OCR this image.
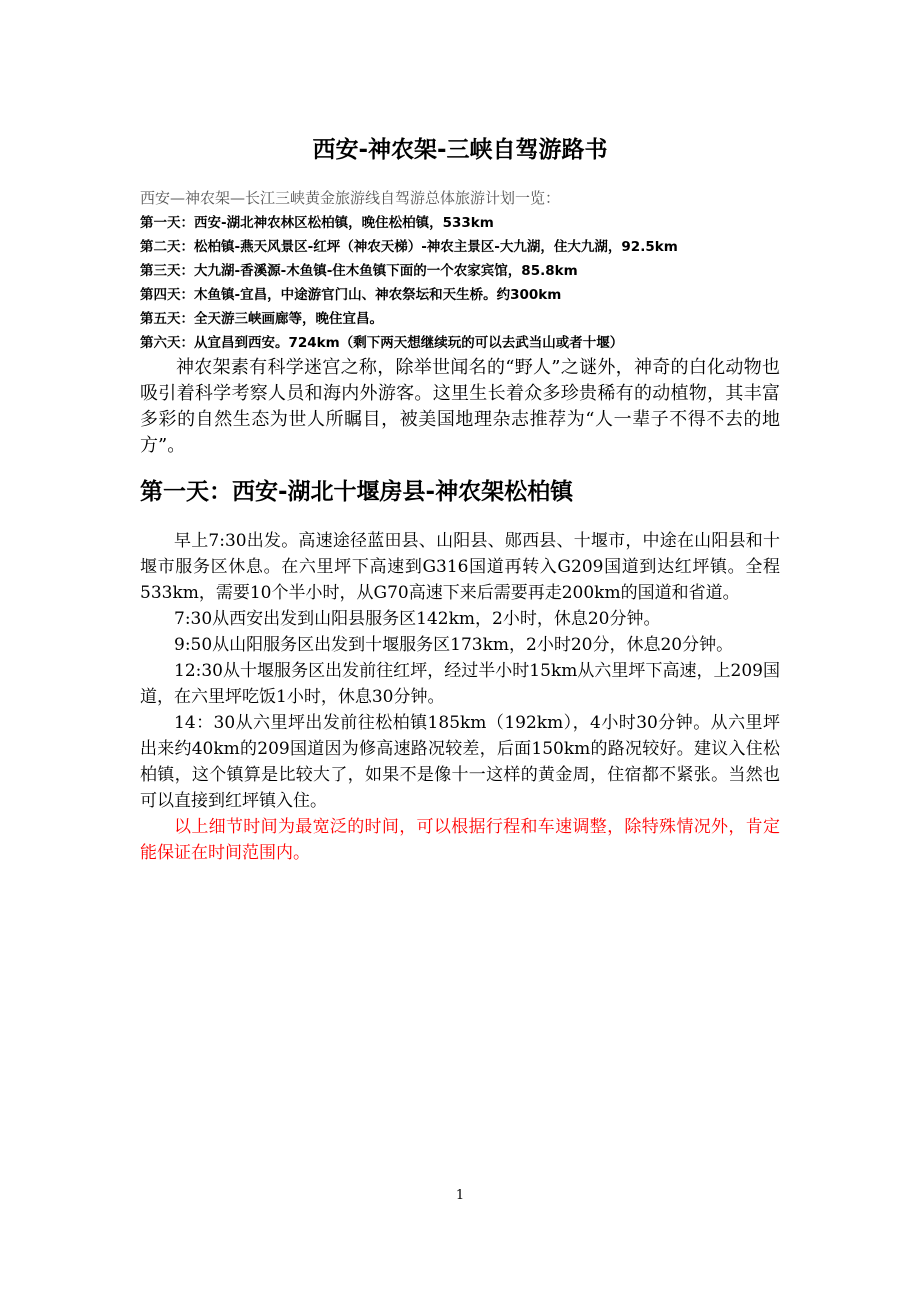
西安-神农架-三峡自驾游路书

西安—神农架—长江三峡黄金旅游线自驾游总体旅游计划一览：

第一天：西安-湖北神农林区松柏镇，晚住松柏镇，533km
第二天：松柏镇-燕天风景区-红坪（神农天梯）-神农主景区-大九湖，住大九湖，92.5km
第三天：大九湖-香溪源-木鱼镇-住木鱼镇下面的一个农家宾馆，85.8km
第四天：木鱼镇-宜昌，中途游官门山、神农祭坛和天生桥。约300km
第五天：全天游三峡画廊等，晚住宜昌。
第六天：从宜昌到西安。724km（剩下两天想继续玩的可以去武当山或者十堰）

神农架素有科学迷宫之称，除举世闻名的“野人”之谜外，神奇的白化动物也吸引着科学考察人员和海内外游客。这里生长着众多珍贵稀有的动植物，其丰富多彩的自然生态为世人所瞩目，被美国地理杂志推荐为“人一辈子不得不去的地方”。

第一天：西安-湖北十堰房县-神农架松柏镇

早上7:30出发。高速途径蓝田县、山阳县、郧西县、十堰市，中途在山阳县和十堰市服务区休息。在六里坪下高速到G316国道再转入G209国道到达红坪镇。全程533km，需要10个半小时，从G70高速下来后需要再走200km的国道和省道。

7:30从西安出发到山阳县服务区142km，2小时，休息20分钟。

9:50从山阳服务区出发到十堰服务区173km，2小时20分，休息20分钟。

12:30从十堰服务区出发前往红坪，经过半小时15km从六里坪下高速，上209国道，在六里坪吃饭1小时，休息30分钟。

14：30从六里坪出发前往松柏镇185km（192km），4小时30分钟。从六里坪出来约40km的209国道因为修高速路况较差，后面150km的路况较好。建议入住松柏镇，这个镇算是比较大了，如果不是像十一这样的黄金周，住宿都不紧张。当然也可以直接到红坪镇入住。

以上细节时间为最宽泛的时间，可以根据行程和车速调整，除特殊情况外，肯定能保证在时间范围内。

1
